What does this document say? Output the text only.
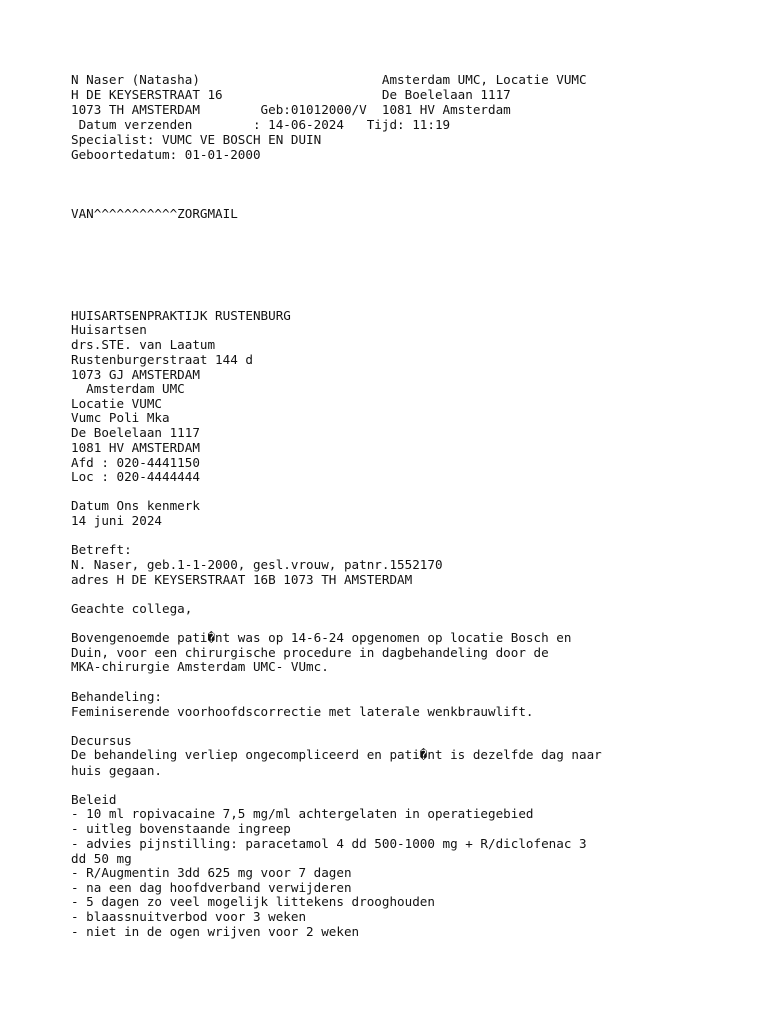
N Naser (Natasha)                        Amsterdam UMC, Locatie VUMC

H DE KEYSERSTRAAT 16                     De Boelelaan 1117

1073 TH AMSTERDAM        Geb:01012000/V  1081 HV Amsterdam

Datum verzenden        : 14-06-2024   Tijd: 11:19

Specialist: VUMC VE BOSCH EN DUIN

Geboortedatum: 01-01-2000

VAN^^^^^^^^^^^ZORGMAIL

HUISARTSENPRAKTIJK RUSTENBURG

Huisartsen

drs.STE. van Laatum

Rustenburgerstraat 144 d

1073 GJ AMSTERDAM

Amsterdam UMC

Locatie VUMC

Vumc Poli Mka

De Boelelaan 1117

1081 HV AMSTERDAM

Afd : 020-4441150

Loc : 020-4444444

Datum Ons kenmerk

14 juni 2024

Betreft:

N. Naser, geb.1-1-2000, gesl.vrouw, patnr.1552170

adres H DE KEYSERSTRAAT 16B 1073 TH AMSTERDAM

Geachte collega,

Bovengenoemde pati�nt was op 14-6-24 opgenomen op locatie Bosch en

Duin, voor een chirurgische procedure in dagbehandeling door de

MKA-chirurgie Amsterdam UMC- VUmc.

Behandeling:

Feminiserende voorhoofdscorrectie met laterale wenkbrauwlift.

Decursus

De behandeling verliep ongecompliceerd en pati�nt is dezelfde dag naar

huis gegaan.

Beleid

- 10 ml ropivacaine 7,5 mg/ml achtergelaten in operatiegebied

- uitleg bovenstaande ingreep

- advies pijnstilling: paracetamol 4 dd 500-1000 mg + R/diclofenac 3

dd 50 mg

- R/Augmentin 3dd 625 mg voor 7 dagen

- na een dag hoofdverband verwijderen

- 5 dagen zo veel mogelijk littekens drooghouden

- blaassnuitverbod voor 3 weken

- niet in de ogen wrijven voor 2 weken
